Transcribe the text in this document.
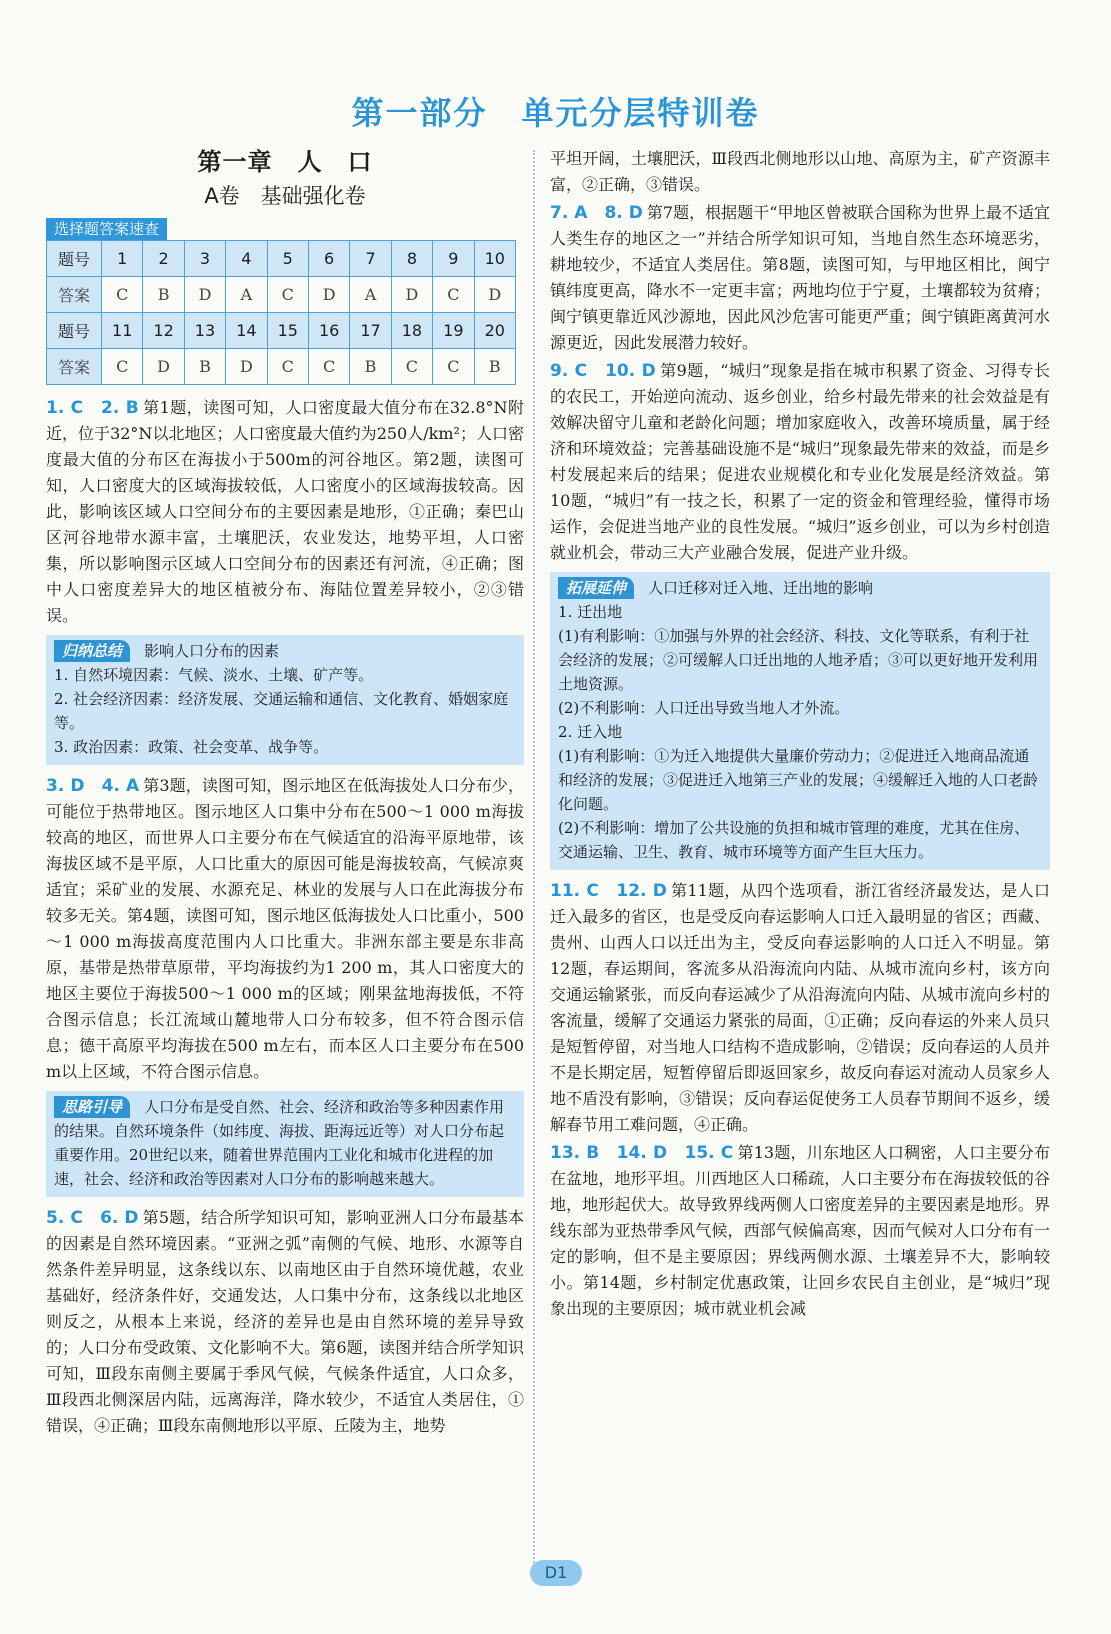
第一部分　单元分层特训卷
第一章　人　口
A卷　基础强化卷
选择题答案速查
题号	1	2	3	4	5	6	7	8	9	10
答案	C	B	D	A	C	D	A	D	C	D
题号	11	12	13	14	15	16	17	18	19	20
答案	C	D	B	D	C	C	B	C	C	B

1. C　2. B 第1题，读图可知，人口密度最大值分布在32.8°N附近，位于32°N以北地区；人口密度最大值约为250人/km²；人口密度最大值的分布区在海拔小于500m的河谷地区。第2题，读图可知，人口密度大的区域海拔较低，人口密度小的区域海拔较高。因此，影响该区域人口空间分布的主要因素是地形，①正确；秦巴山区河谷地带水源丰富，土壤肥沃，农业发达，地势平坦，人口密集，所以影响图示区域人口空间分布的因素还有河流，④正确；图中人口密度差异大的地区植被分布、海陆位置差异较小，②③错误。

归纳总结 影响人口分布的因素

1. 自然环境因素：气候、淡水、土壤、矿产等。

2. 社会经济因素：经济发展、交通运输和通信、文化教育、婚姻家庭等。

3. 政治因素：政策、社会变革、战争等。

3. D　4. A 第3题，读图可知，图示地区在低海拔处人口分布少，可能位于热带地区。图示地区人口集中分布在500～1 000 m海拔较高的地区，而世界人口主要分布在气候适宜的沿海平原地带，该海拔区域不是平原，人口比重大的原因可能是海拔较高，气候凉爽适宜；采矿业的发展、水源充足、林业的发展与人口在此海拔分布较多无关。第4题，读图可知，图示地区低海拔处人口比重小，500～1 000 m海拔高度范围内人口比重大。非洲东部主要是东非高原，基带是热带草原带，平均海拔约为1 200 m，其人口密度大的地区主要位于海拔500～1 000 m的区域；刚果盆地海拔低，不符合图示信息；长江流域山麓地带人口分布较多，但不符合图示信息；德干高原平均海拔在500 m左右，而本区人口主要分布在500 m以上区域，不符合图示信息。

思路引导 人口分布是受自然、社会、经济和政治等多种因素作用的结果。自然环境条件（如纬度、海拔、距海远近等）对人口分布起重要作用。20世纪以来，随着世界范围内工业化和城市化进程的加速，社会、经济和政治等因素对人口分布的影响越来越大。

5. C　6. D 第5题，结合所学知识可知，影响亚洲人口分布最基本的因素是自然环境因素。“亚洲之弧”南侧的气候、地形、水源等自然条件差异明显，这条线以东、以南地区由于自然环境优越，农业基础好，经济条件好，交通发达，人口集中分布，这条线以北地区则反之，从根本上来说，经济的差异也是由自然环境的差异导致的；人口分布受政策、文化影响不大。第6题，读图并结合所学知识可知，Ⅲ段东南侧主要属于季风气候，气候条件适宜，人口众多，Ⅲ段西北侧深居内陆，远离海洋，降水较少，不适宜人类居住，①错误，④正确；Ⅲ段东南侧地形以平原、丘陵为主，地势

平坦开阔，土壤肥沃，Ⅲ段西北侧地形以山地、高原为主，矿产资源丰富，②正确，③错误。

7. A　8. D 第7题，根据题干“甲地区曾被联合国称为世界上最不适宜人类生存的地区之一”并结合所学知识可知，当地自然生态环境恶劣，耕地较少，不适宜人类居住。第8题，读图可知，与甲地区相比，闽宁镇纬度更高，降水不一定更丰富；两地均位于宁夏，土壤都较为贫瘠；闽宁镇更靠近风沙源地，因此风沙危害可能更严重；闽宁镇距离黄河水源更近，因此发展潜力较好。

9. C　10. D 第9题，“城归”现象是指在城市积累了资金、习得专长的农民工，开始逆向流动、返乡创业，给乡村最先带来的社会效益是有效解决留守儿童和老龄化问题；增加家庭收入，改善环境质量，属于经济和环境效益；完善基础设施不是“城归”现象最先带来的效益，而是乡村发展起来后的结果；促进农业规模化和专业化发展是经济效益。第10题，“城归”有一技之长，积累了一定的资金和管理经验，懂得市场运作，会促进当地产业的良性发展。“城归”返乡创业，可以为乡村创造就业机会，带动三大产业融合发展，促进产业升级。

拓展延伸 人口迁移对迁入地、迁出地的影响

1. 迁出地

(1)有利影响：①加强与外界的社会经济、科技、文化等联系，有利于社会经济的发展；②可缓解人口迁出地的人地矛盾；③可以更好地开发利用土地资源。

(2)不利影响：人口迁出导致当地人才外流。

2. 迁入地

(1)有利影响：①为迁入地提供大量廉价劳动力；②促进迁入地商品流通和经济的发展；③促进迁入地第三产业的发展；④缓解迁入地的人口老龄化问题。

(2)不利影响：增加了公共设施的负担和城市管理的难度，尤其在住房、交通运输、卫生、教育、城市环境等方面产生巨大压力。

11. C　12. D 第11题，从四个选项看，浙江省经济最发达，是人口迁入最多的省区，也是受反向春运影响人口迁入最明显的省区；西藏、贵州、山西人口以迁出为主，受反向春运影响的人口迁入不明显。第12题，春运期间，客流多从沿海流向内陆、从城市流向乡村，该方向交通运输紧张，而反向春运减少了从沿海流向内陆、从城市流向乡村的客流量，缓解了交通运力紧张的局面，①正确；反向春运的外来人员只是短暂停留，对当地人口结构不造成影响，②错误；反向春运的人员并不是长期定居，短暂停留后即返回家乡，故反向春运对流动人员家乡人地不盾没有影响，③错误；反向春运促使务工人员春节期间不返乡，缓解春节用工难问题，④正确。

13. B　14. D　15. C 第13题，川东地区人口稠密，人口主要分布在盆地，地形平坦。川西地区人口稀疏，人口主要分布在海拔较低的谷地，地形起伏大。故导致界线两侧人口密度差异的主要因素是地形。界线东部为亚热带季风气候，西部气候偏高寒，因而气候对人口分布有一定的影响，但不是主要原因；界线两侧水源、土壤差异不大，影响较小。第14题，乡村制定优惠政策，让回乡农民自主创业，是“城归”现象出现的主要原因；城市就业机会减

D1
